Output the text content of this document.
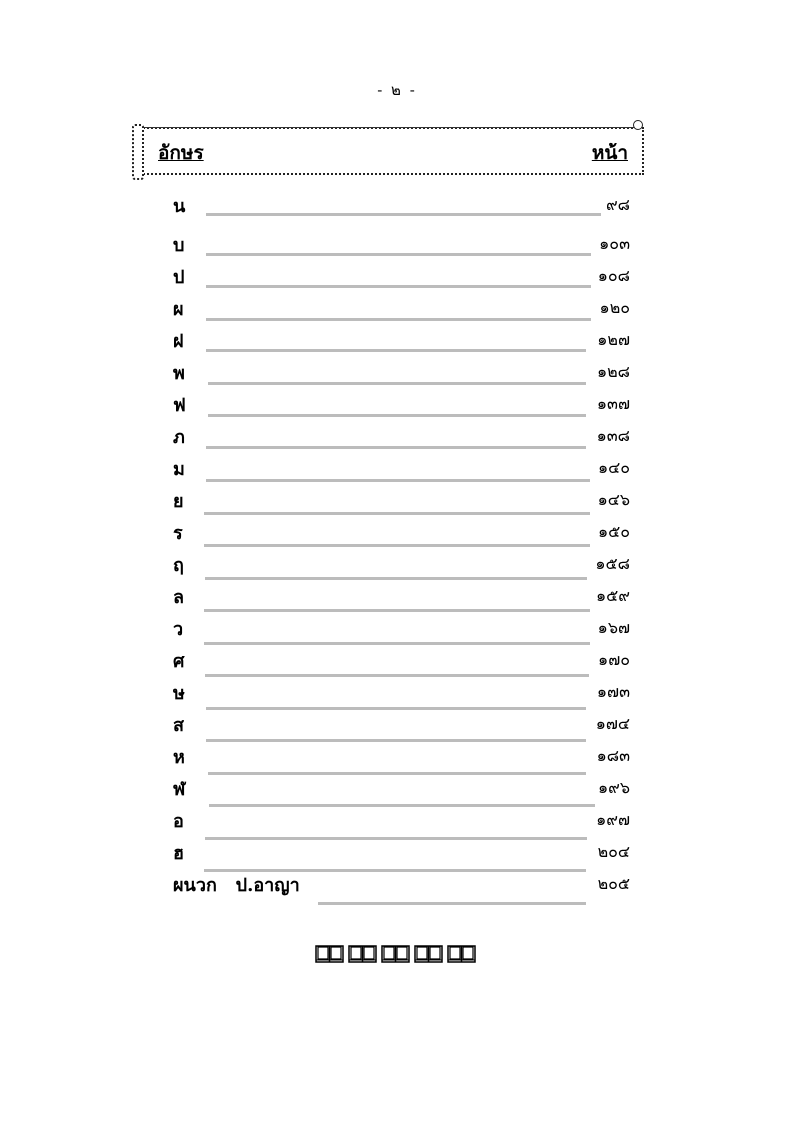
- ๒ -
อักษร	หน้า
น	๙๘
บ	๑๐๓
ป	๑๐๘
ผ	๑๒๐
ฝ	๑๒๗
พ	๑๒๘
ฟ	๑๓๗
ภ	๑๓๘
ม	๑๔๐
ย	๑๔๖
ร	๑๕๐
ฤ	๑๕๘
ล	๑๕๙
ว	๑๖๗
ศ	๑๗๐
ษ	๑๗๓
ส	๑๗๔
ห	๑๘๓
ฬ	๑๙๖
อ	๑๙๗
ฮ	๒๐๔
ผนวก   ป.อาญา	๒๐๕
